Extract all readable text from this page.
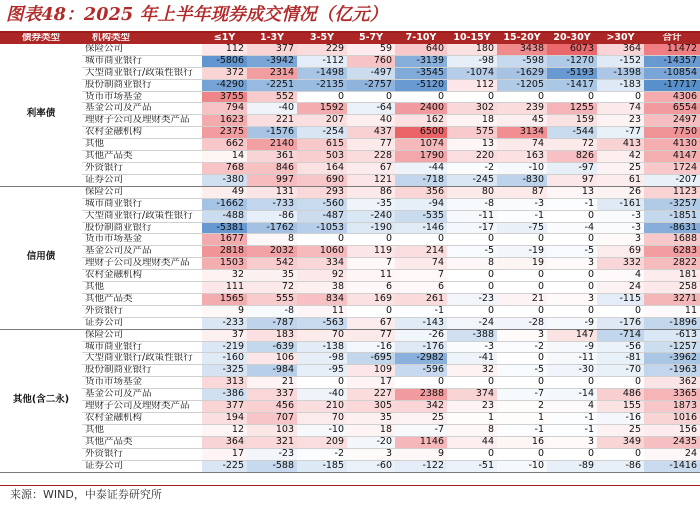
图表48：2025 年上半年现券成交情况（亿元）
债券类型	机构类型	≤1Y	1-3Y	3-5Y	5-7Y	7-10Y	10-15Y	15-20Y	20-30Y	>30Y	合计
利率债	保险公司	112	377	229	59	640	180	3438	6073	364	11472
	城市商业银行	-5806	-3942	-112	760	-3139	-98	-598	-1270	-152	-14357
	大型商业银行/政策性银行	372	2314	-1498	-497	-3545	-1074	-1629	-5193	-1398	-10854
	股份制商业银行	-4290	-2251	-2135	-2757	-5120	112	-1205	-1417	-183	-17717
	货币市场基金	3755	552	0	0	0	0	0	0	0	4306
	基金公司及产品	794	-40	1592	-64	2400	302	239	1255	74	6554
	理财子公司及理财类产品	1623	221	207	40	162	18	45	159	23	2497
	农村金融机构	2375	-1576	-254	437	6500	575	3134	-544	-77	7750
	其他	662	2140	615	77	1074	13	74	72	413	4130
	其他产品类	14	361	503	228	1790	220	163	826	42	4147
	外资银行	768	846	164	67	-44	-2	-10	-97	25	1724
	证券公司	-380	997	690	121	-718	-245	-830	97	61	-207
信用债	保险公司	49	131	293	86	356	80	87	13	26	1123
	城市商业银行	-1662	-733	-560	-35	-94	-8	-3	-1	-161	-3257
	大型商业银行/政策性银行	-488	-86	-487	-240	-535	-11	-1	0	-3	-1851
	股份制商业银行	-5381	-1762	-1053	-190	-146	-17	-75	-4	-3	-8631
	货币市场基金	1677	8	0	0	0	0	0	0	3	1688
	基金公司及产品	2818	2032	1060	119	214	-5	-19	-5	69	6283
	理财子公司及理财类产品	1503	542	334	7	74	8	19	3	332	2822
	农村金融机构	32	35	92	11	7	0	0	0	4	181
	其他	111	72	38	6	6	0	0	0	24	258
	其他产品类	1565	555	834	169	261	-23	21	3	-115	3271
	外资银行	9	-8	11	0	-1	0	0	0	0	11
	证券公司	-233	-787	-563	67	-143	-24	-28	-9	-176	-1896
其他(含二永)	保险公司	37	183	70	77	-26	-388	3	147	-714	-613
	城市商业银行	-219	-639	-138	-16	-176	-3	-2	-9	-56	-1257
	大型商业银行/政策性银行	-160	106	-98	-695	-2982	-41	0	-11	-81	-3962
	股份制商业银行	-325	-984	-95	109	-596	32	-5	-30	-70	-1963
	货币市场基金	313	21	0	17	0	0	0	0	0	362
	基金公司及产品	-386	337	-40	227	2388	374	-7	-14	486	3365
	理财子公司及理财类产品	377	456	210	305	342	23	2	4	155	1873
	农村金融机构	194	707	70	35	25	1	1	-1	-16	1016
	其他	12	103	-10	18	-7	8	-1	-1	25	156
	其他产品类	364	321	209	-20	1146	44	16	3	349	2435
	外资银行	17	-23	-2	3	9	0	0	0	0	24
	证券公司	-225	-588	-185	-60	-122	-51	-10	-89	-86	-1416
来源：WIND，中泰证券研究所
